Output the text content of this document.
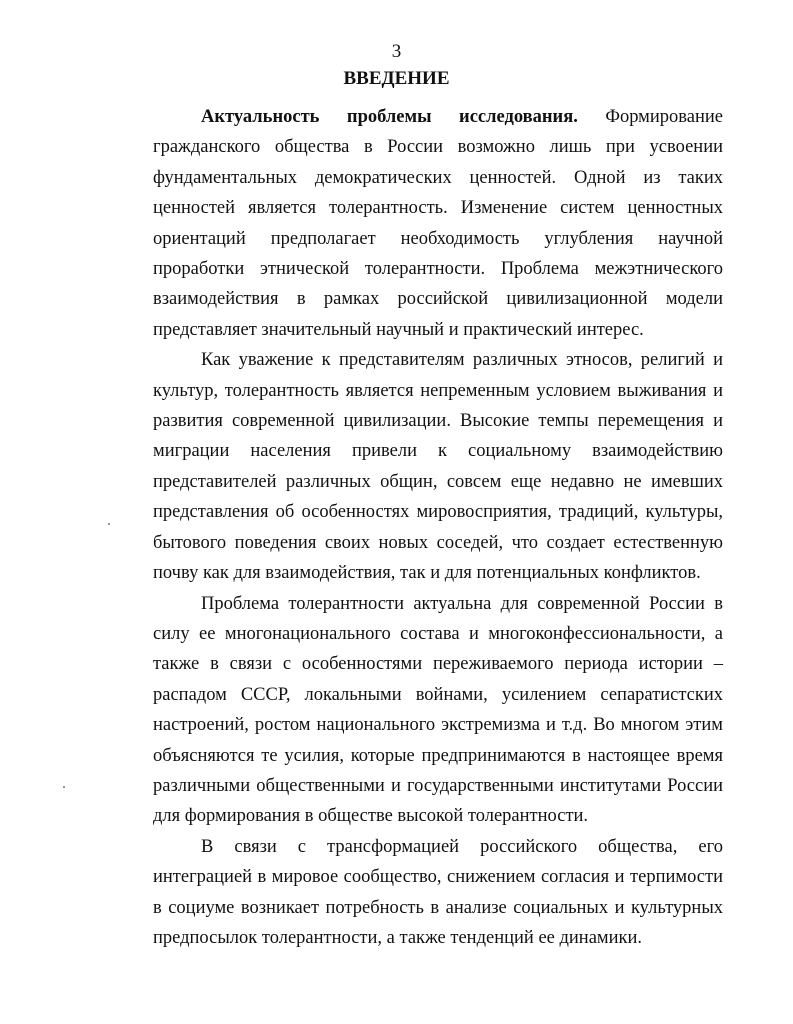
3
ВВЕДЕНИЕ

Актуальность проблемы исследования. Формирование гражданского общества в России возможно лишь при усвоении фундаментальных демократических ценностей. Одной из таких ценностей является толерантность. Изменение систем ценностных ориентаций предполагает необходимость углубления научной проработки этнической толерантности. Проблема межэтнического взаимодействия в рамках российской цивилизационной модели представляет значительный научный и практический интерес.

Как уважение к представителям различных этносов, религий и культур, толерантность является непременным условием выживания и развития современной цивилизации. Высокие темпы перемещения и миграции населения привели к социальному взаимодействию представителей различных общин, совсем еще недавно не имевших представления об особенностях мировосприятия, традиций, культуры, бытового поведения своих новых соседей, что создает естественную почву как для взаимодействия, так и для потенциальных конфликтов.

Проблема толерантности актуальна для современной России в силу ее многонационального состава и многоконфессиональности, а также в связи с особенностями переживаемого периода истории – распадом СССР, локальными войнами, усилением сепаратистских настроений, ростом национального экстремизма и т.д. Во многом этим объясняются те усилия, которые предпринимаются в настоящее время различными общественными и государственными институтами России для формирования в обществе высокой толерантности.

В связи с трансформацией российского общества, его интеграцией в мировое сообщество, снижением согласия и терпимости в социуме возникает потребность в анализе социальных и культурных предпосылок толерантности, а также тенденций ее динамики.
